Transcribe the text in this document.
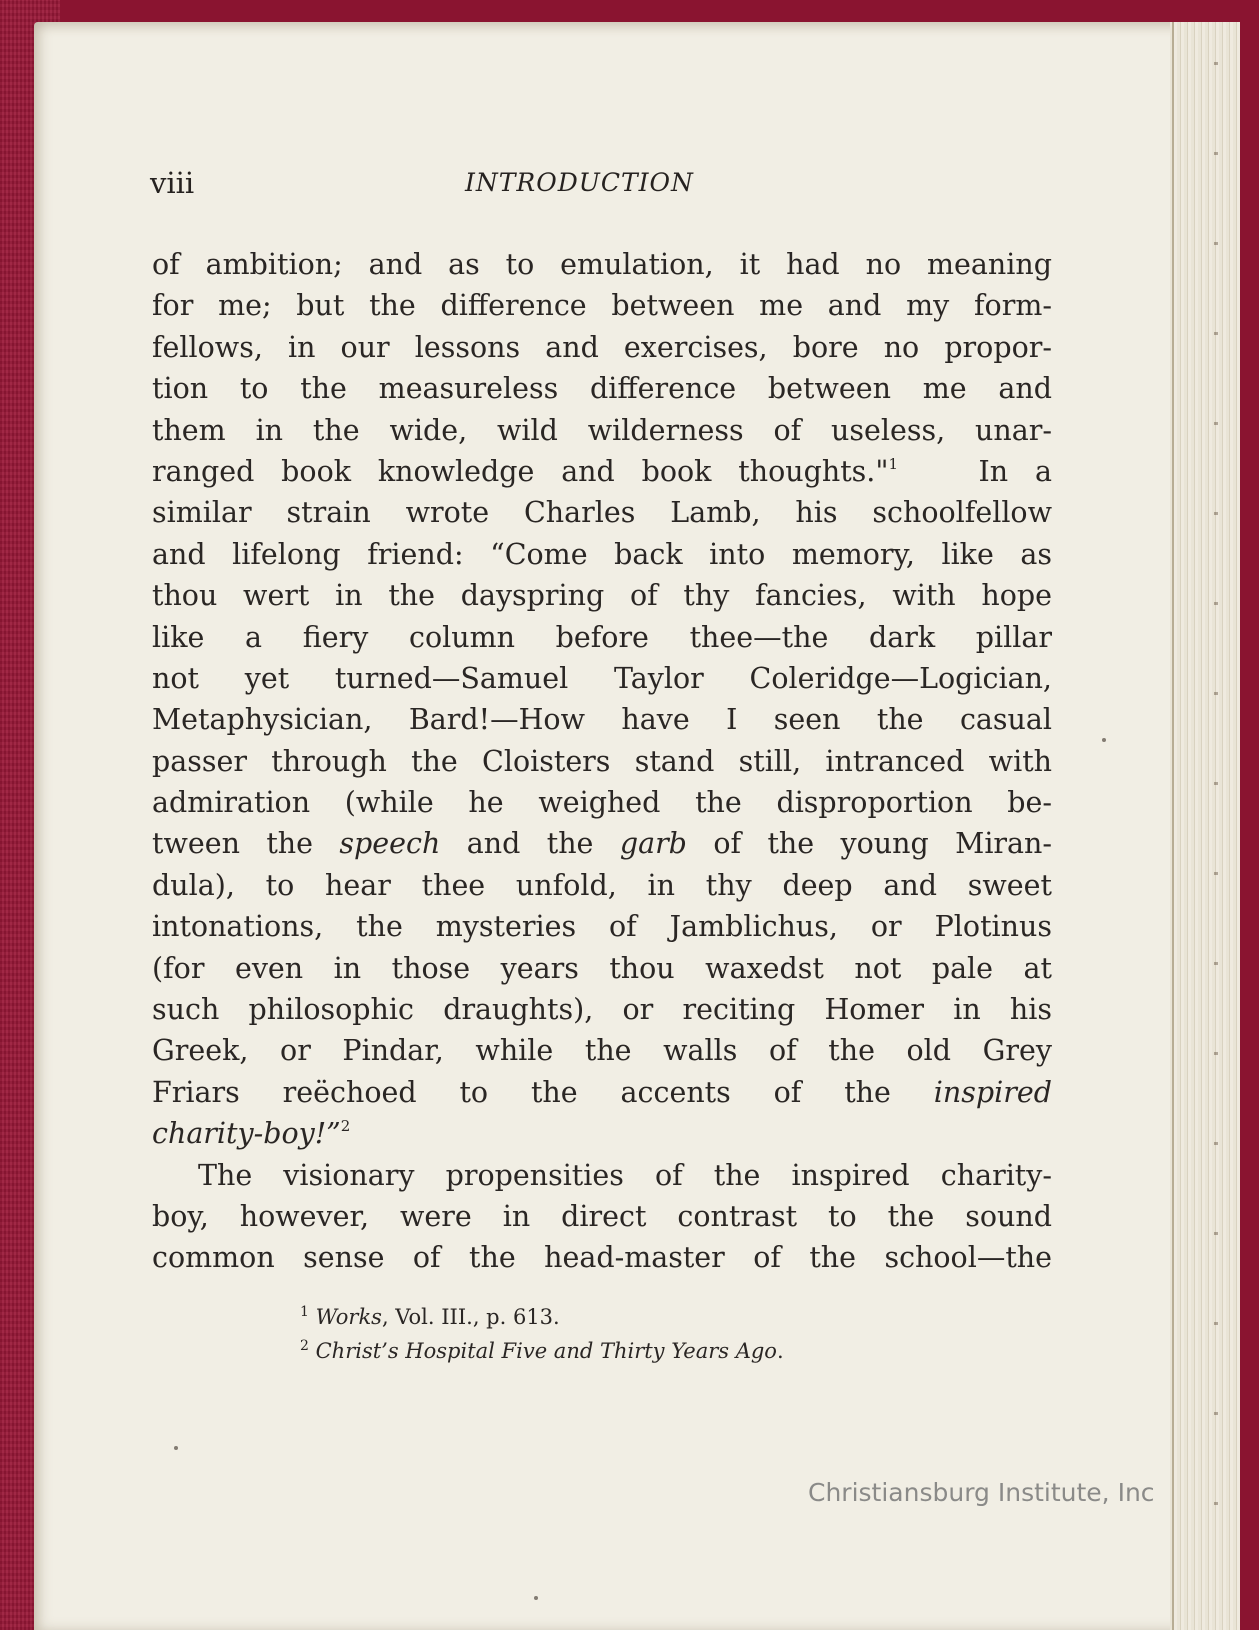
viii	INTRODUCTION
of ambition; and as to emulation, it had no meaning
for me; but the difference between me and my form-
fellows, in our lessons and exercises, bore no propor-
tion to the measureless difference between me and
them in the wide, wild wilderness of useless, unar-
ranged book knowledge and book thoughts."$^1$	In a
similar strain wrote Charles Lamb, his schoolfellow
and lifelong friend: “Come back into memory, like as
thou wert in the dayspring of thy fancies, with hope
like a fiery column before thee—the dark pillar
not yet turned—Samuel Taylor Coleridge—Logician,
Metaphysician, Bard!—How have I seen the casual
passer through the Cloisters stand still, intranced with
admiration (while he weighed the disproportion be-
tween the speech and the garb of the young Miran-
dula), to hear thee unfold, in thy deep and sweet
intonations, the mysteries of Jamblichus, or Plotinus
(for even in those years thou waxedst not pale at
such philosophic draughts), or reciting Homer in his
Greek, or Pindar, while the walls of the old Grey
Friars reëchoed to the accents of the inspired
charity-boy!”$^2$
The visionary propensities of the inspired charity-
boy, however, were in direct contrast to the sound
common sense of the head-master of the school—the
$^1$ Works, Vol. III., p. 613.
$^2$ Christ’s Hospital Five and Thirty Years Ago.
Christiansburg Institute, Inc
